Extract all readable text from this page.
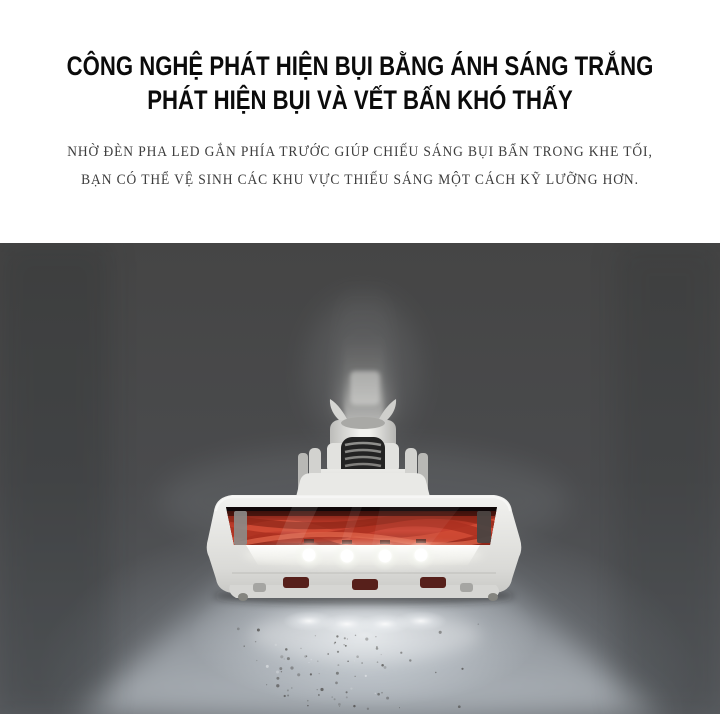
CÔNG NGHỆ PHÁT HIỆN BỤI BẰNG ÁNH SÁNG TRẮNG
PHÁT HIỆN BỤI VÀ VẾT BẤN KHÓ THẤY

NHỜ ĐÈN PHA LED GẮN PHÍA TRƯỚC GIÚP CHIẾU SÁNG BỤI BẨN TRONG KHE TỐI,
BẠN CÓ THỂ VỆ SINH CÁC KHU VỰC THIẾU SÁNG MỘT CÁCH KỸ LƯỠNG HƠN.
